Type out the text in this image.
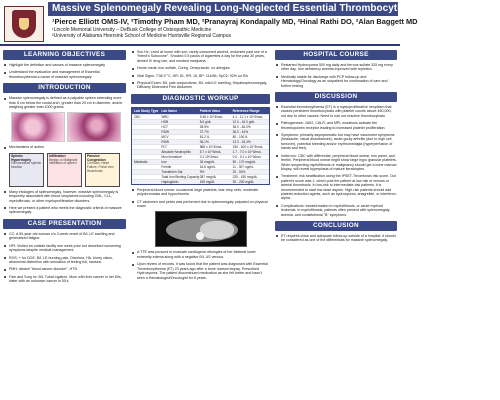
Massive Splenomegaly Revealing Long-Neglected Essential Thrombocythemia: A Case Report
¹Pierce Elliott OMS-IV, ²Timothy Pham MD, ²Pranayraj Kondapally MD, ²Hinal Rathi DO, ²Alan Baggett MD
¹Lincoln Memorial University – DeBusk College of Osteopathic Medicine
²University of Alabama Heersink School of Medicine Huntsville Regional Campus
LEARNING OBJECTIVES
Highlight the definition and causes of massive splenomegaly
Understand the evaluation and management of Essential thrombocythemia a cause of massive splenomegaly
INTRODUCTION
Massive splenomegaly is defined as a palpable spleen extending more than 8 cm below the costal arch, greater than 20 cm in diameter, and/or weighing greater than 1000 grams.
Mechanisms of action
Splenic Hypertrophy
Via increased splenic function
Infiltration
Benign or Malignant infiltration of spleen
Passive Congestion
Cirrhosis, Heart Failure, Portal vein thrombosis
Many etiologies of splenomegaly, however, massive splenomegaly is frequently associated with blood neoplasms including CML, CLL, myelofibrosis, or other myeloproliferative disorders.
Here we present a patient who meets the diagnostic criteria of massive splenomegaly.
CASE PRESENTATION
CC: A 50-year-old woman c/o 3-week onset of B/L LE swelling and generalized fatigue.
HPI: Visited an outside facility one week prior but described worsening symptoms despite medical management.
ROS: + for DOE, B/L LE burning pain, Diarrhea, HA, blurry vision, abdominal distention with sensation of feeling full, nausea.
PMH: distant "blood cancer disorder", HTN
Fam and Surg hx: B/L Tubal Ligation. Mom with liver cancer in her 60s, sister with an unknown cancer in 50's.
Soc Hx: Lived at home with son, rarely consumed alcohol, endorsed past use of a "friend's Suboxone". Smoked 0.5 packs of cigarettes a day for the past 30 years, denied IV drug use, and smoked marijuana
Home meds: iron sulfate, Coreg, Omeprazole, no allergies
Vital Signs: T:36.9 °C, HR: 81, RR: 16, BP: 114/86, SpO2: 92% on RA
Physical Exam: B/L pale conjunctivae, B/L mild LE swelling, Hepatosplenomegaly, Diffusely Distended Firm Abdomen
DIAGNOSTIC WORKUP
Lab Study Type Lab Name	Patient Value	Reference Range
CBC	WBC	9.48 x 10^3/mcL	4.1 - 11.1 x 10^3/mcL
HGB	8.6 g/dL	12.0 - 16.0 g/dL
HCT	28.5%	36.0 - 46.0%
RDW	37.7%	36.0 - 44%
MCV	81.2 fL	80 - 100 fL
RDW	36.1%	12.0 - 16.0%
PLT	888 x 10^3/mcL	150 - 400 x 10^3/mcL
Absolute Neutrophils	5.7 x 10^3/mcL	1.7 - 7.0 x 10^3/mcL
Mon Immature	0.1 10^3/mcL	0.0 - 0.1 x 10^3/mcL
Metabolic	Iron	34 mcg/dL	50 - 170 mcg/dL
Ferritin	16.6 ng/mL	11 - 307 ng/mL
Transferrin Sat	9%	20 - 50%
Total Iron Binding Capacity 387 mcg/dL	225 - 430 mcg/dL
Haptoglobin	169 mg/dL	30 - 200 mg/dL
Peripheral blood smear: occasional large platelets, tear drop cells, moderate polychromasia and hypochromia
CT abdomen and pelvis was performed due to splenomegaly palpated on physical exam
A TTE was pursued to evaluate cardiogenic etiologies of her bilateral lower extremity edema along with a negative B/L US venous.
Upon review of records, it was found that the patient was diagnosed with Essential Thrombocythemia (ET) 23 years ago after a bone marrow biopsy. Prescribed Hydroxyurea. The patient discontinued medication as she felt better and hasn't seen a Hematologist/Oncologist for 8 years.
HOSPITAL COURSE
Restarted Hydroxyurea 500 mg daily and ferrous sulfate 325 mg every other day. Iron deficiency anemia improved with repletion.
Medically stable for discharge with PCP follow-up and Hematology/Oncology as an outpatient for continuation of care and further testing
DISCUSSION
Essential thrombocythemia (ET) is a myeloproliferative neoplasm that causes persistent thrombocytosis with platelet counts above 450,000, not due to other causes. Need to rule out reactive thrombocytosis
Pathogenesis: JAK2, CALR, and MPL mutations activate the thrombopoietin receptor leading to increased platelet proliferation.
Symptoms: primarily asymptomatic but may have vasomotor symptoms (headache, visual disturbances), acute gouty arthritis (due to high cell turnover), potential bleeding and/or erythromelalgia (hyperperfusion of hands and feet).
Initial w/u: CBC with differential, peripheral blood smear, iron panel, and ferritin. Peripheral blood smear might show large hypo granular platelets. When suspecting myelofibrosis or malignancy should get a bone marrow biopsy; will reveal hyperplasia of mature keratocytes.
Treatment: risk stratification using the IPSET-Thrombosis risk score. Our patient's score was 1, which puts the patient at low risk of venous or arterial thrombosis. In low-risk to intermediate-risk patients, it is recommended to start low-dose aspirin. High-risk patients should add platelet-reduction agents, such as hydroxyurea, anagrelide, or interferon-alpha.
Complications: transformation to myelofibrosis, or acute myeloid leukemia. In myelofibrosis, patients often present with splenomegaly, anemia, and constitutional "B" symptoms.
CONCLUSION
ET requires close and adequate follow-up outside of a hospital; it should be considered as one of the differentials for massive splenomegaly.
